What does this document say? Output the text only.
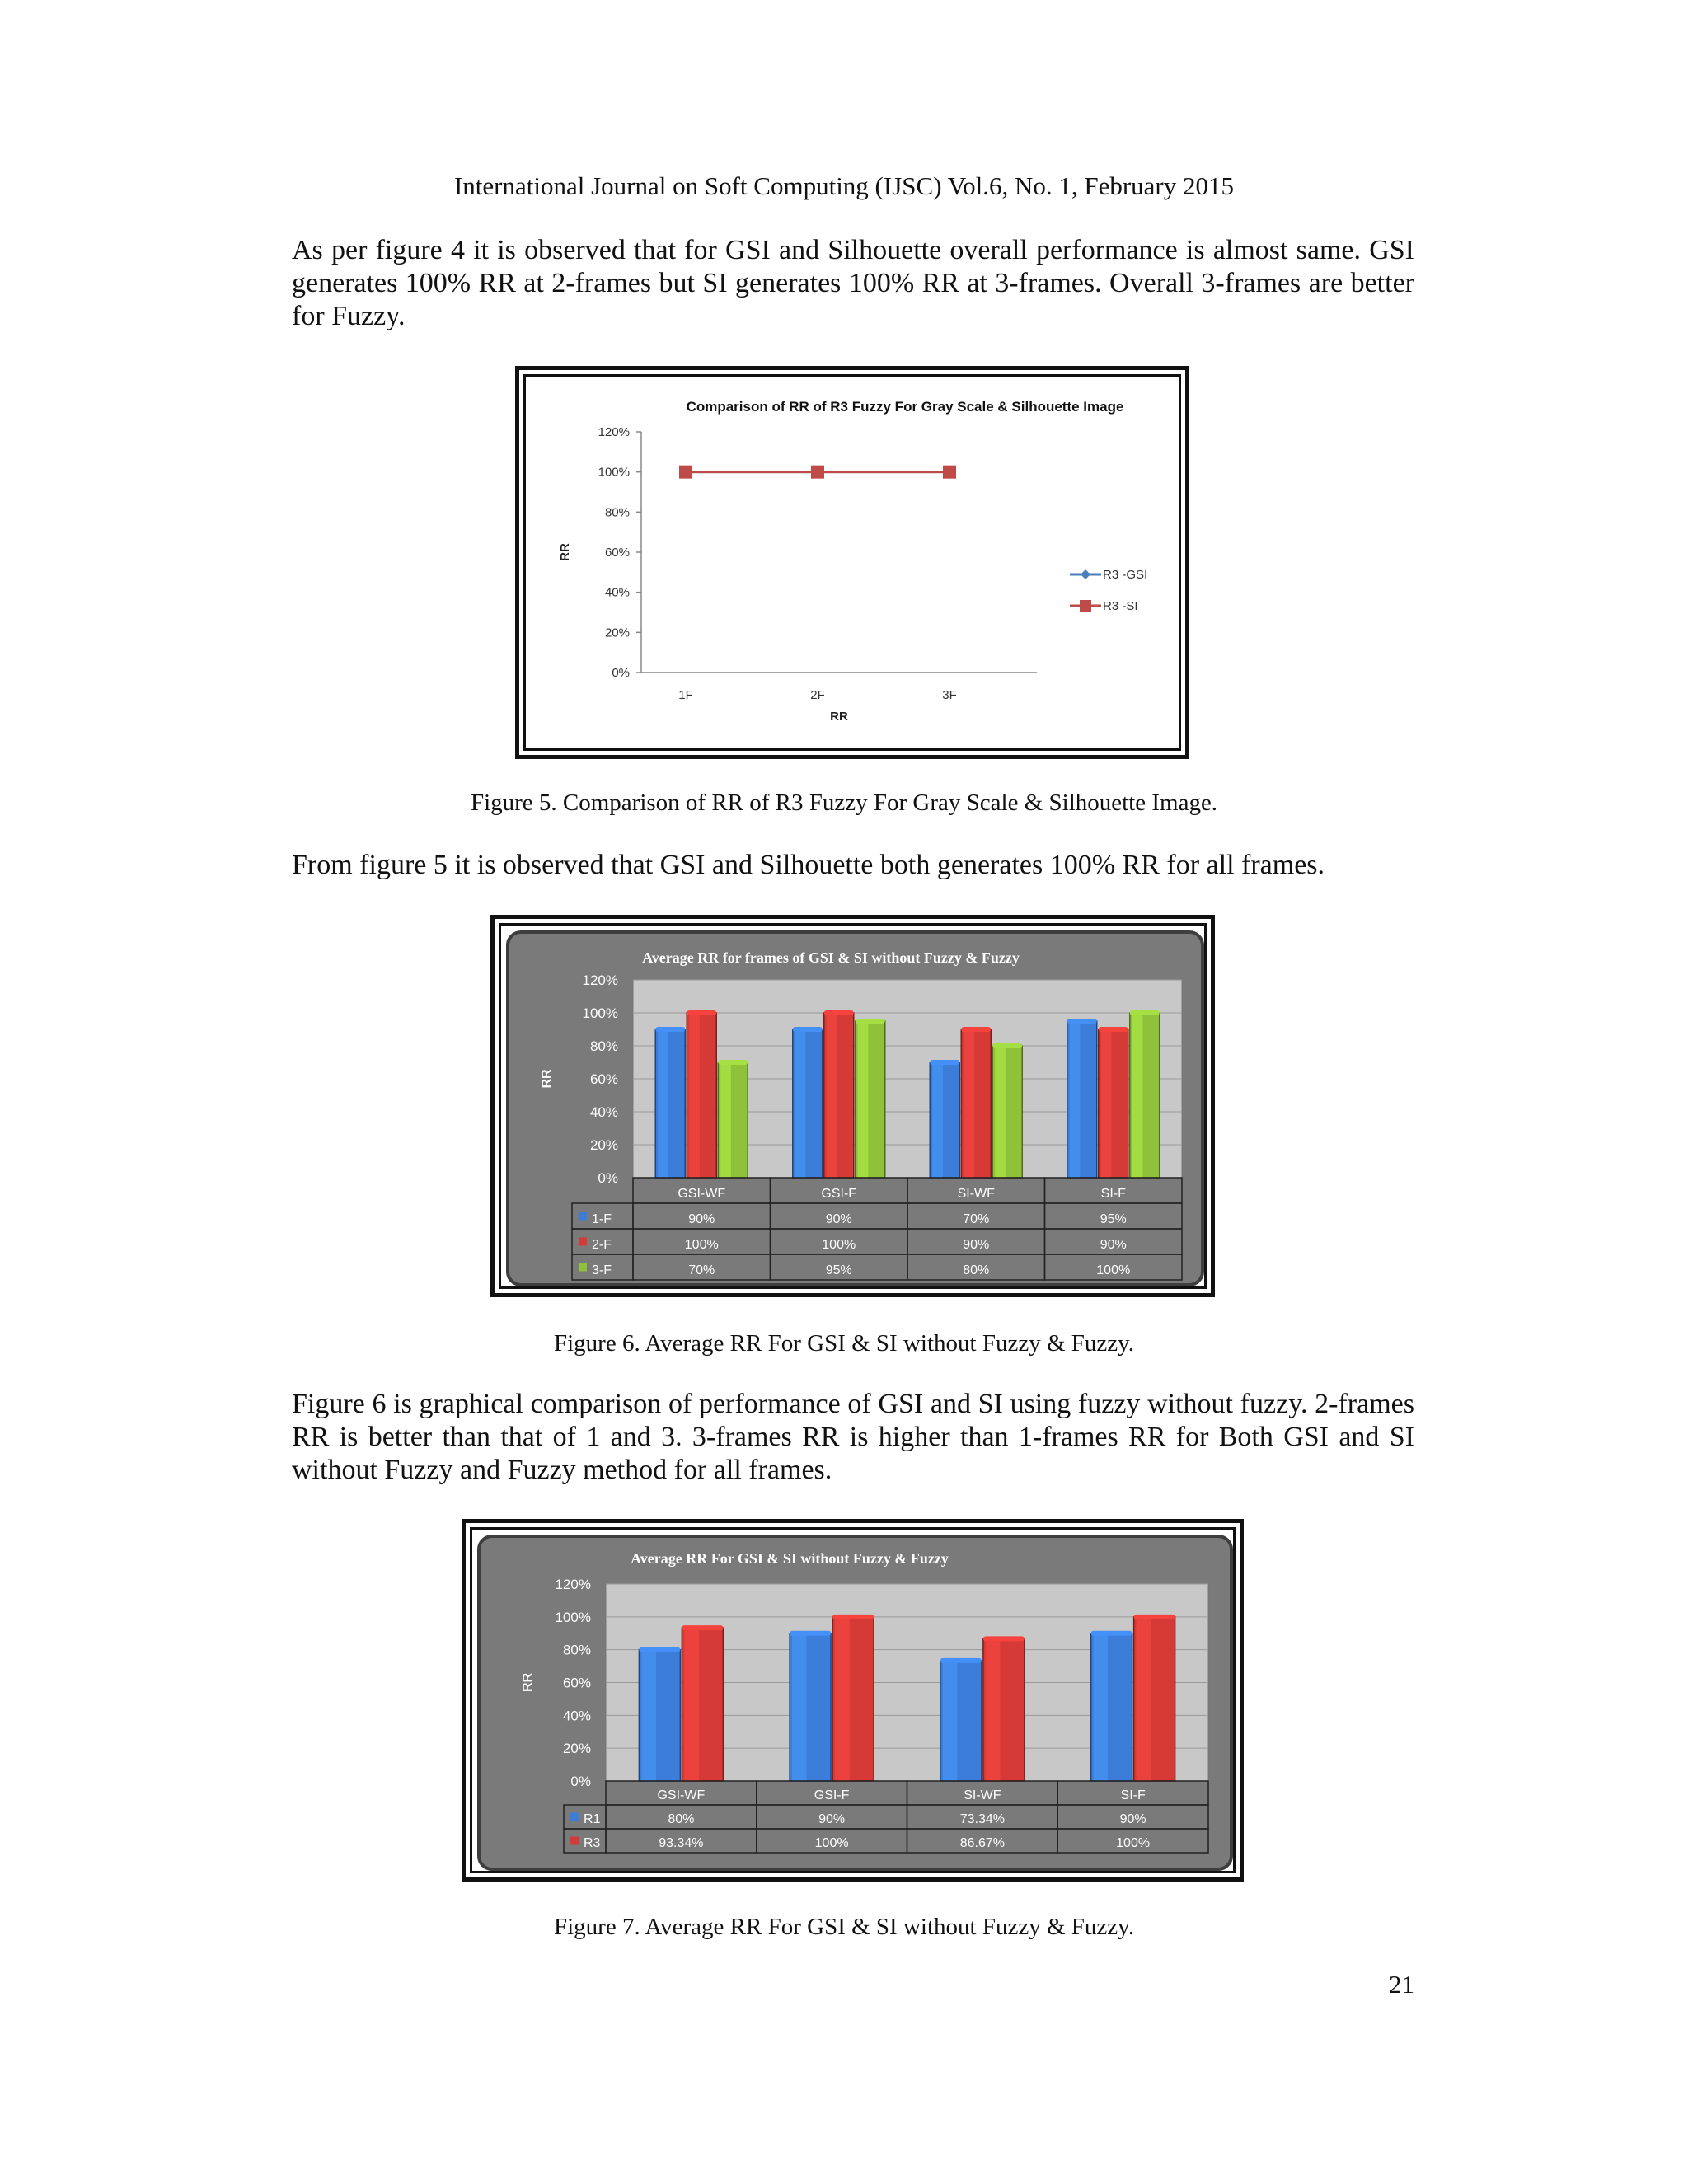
International Journal on Soft Computing (IJSC) Vol.6, No. 1, February 2015
As per figure 4 it is observed that for GSI and Silhouette overall performance is almost same. GSI generates 100% RR at 2-frames but SI generates 100% RR at 3-frames. Overall 3-frames are better for Fuzzy.
Comparison of RR of R3 Fuzzy For Gray Scale & Silhouette Image
0%
20%
40%
60%
80%
100%
120%
1F	2F	3F
RR
RR
R3 -GSI
R3 -SI
Figure 5. Comparison of RR of R3 Fuzzy For Gray Scale & Silhouette Image.
From figure 5 it is observed that GSI and Silhouette both generates 100% RR for all frames.
Average RR for frames of GSI & SI without Fuzzy & Fuzzy
0%
20%
40%
60%
80%
100%
120%
RR
GSI-WF	GSI-F	SI-WF	SI-F
1-F	90%	90%	70%	95%
2-F	100%	100%	90%	90%
3-F	70%	95%	80%	100%
Figure 6. Average RR For GSI & SI without Fuzzy & Fuzzy.
Figure 6 is graphical comparison of performance of GSI and SI using fuzzy without fuzzy. 2-frames RR is better than that of 1 and 3. 3-frames RR is higher than 1-frames RR for Both GSI and SI without Fuzzy and Fuzzy method for all frames.
Average RR For GSI & SI without Fuzzy & Fuzzy
0%
20%
40%
60%
80%
100%
120%
RR
GSI-WF	GSI-F	SI-WF	SI-F
R1	80%	90%	73.34%	90%
R3	93.34%	100%	86.67%	100%
Figure 7. Average RR For GSI & SI without Fuzzy & Fuzzy.
21
